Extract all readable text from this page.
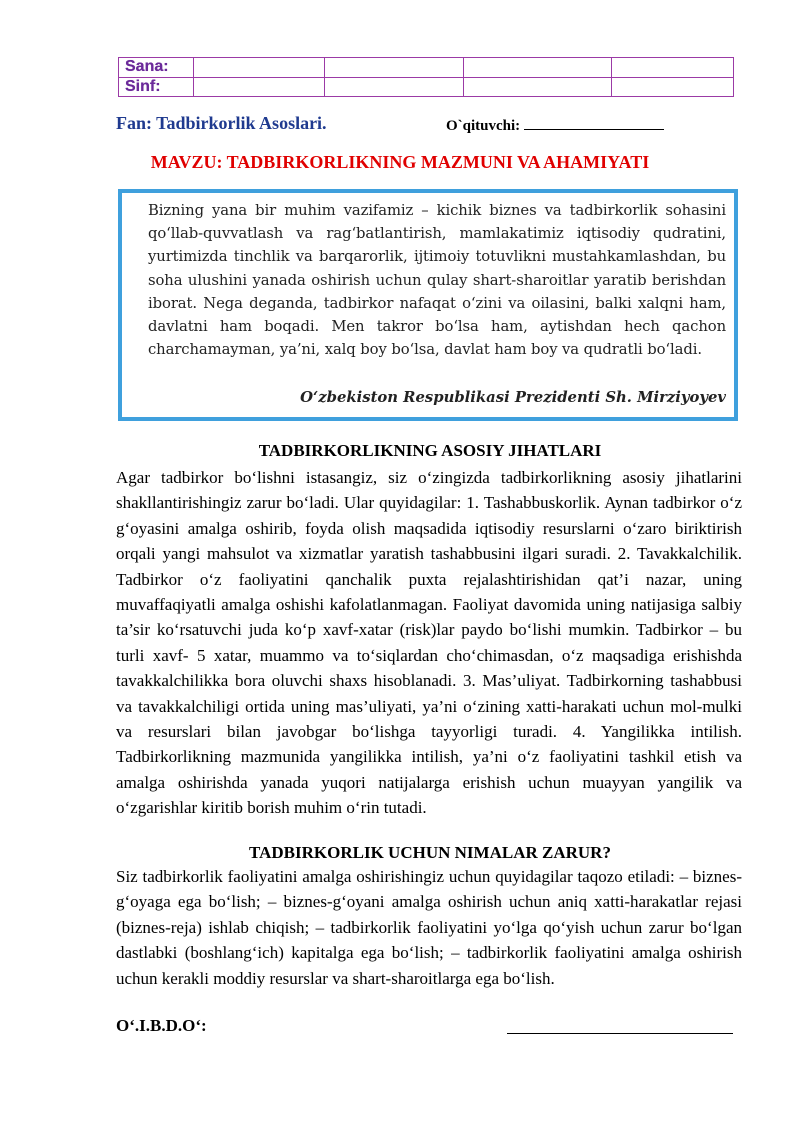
Sana:				
Sinf:				
Fan: Tadbirkorlik Asoslari.	O`qituvchi:
MAVZU: TADBIRKORLIKNING MAZMUNI VA AHAMIYATI
Bizning yana bir muhim vazifamiz – kichik biznes va tadbirkorlik sohasini qo‘llab-quvvatlash va rag‘batlantirish, mamlakatimiz iqtisodiy qudratini, yurtimizda tinchlik va barqarorlik, ijtimoiy totuvlikni mustahkamlashdan, bu soha ulushini yanada oshirish uchun qulay shart-sharoitlar yaratib berishdan iborat. Nega deganda, tadbirkor nafaqat o‘zini va oilasini, balki xalqni ham, davlatni ham boqadi. Men takror bo‘lsa ham, aytishdan hech qachon charchamayman, ya’ni, xalq boy bo‘lsa, davlat ham boy va qudratli bo‘ladi.
O‘zbekiston Respublikasi Prezidenti Sh. Mirziyoyev
TADBIRKORLIKNING ASOSIY JIHATLARI
Agar tadbirkor bo‘lishni istasangiz, siz o‘zingizda tadbirkorlikning asosiy jihatlarini shakllantirishingiz zarur bo‘ladi. Ular quyidagilar: 1. Tashabbuskorlik. Aynan tadbirkor o‘z g‘oyasini amalga oshirib, foyda olish maqsadida iqtisodiy resurslarni o‘zaro biriktirish orqali yangi mahsulot va xizmatlar yaratish tashabbusini ilgari suradi. 2. Tavakkalchilik. Tadbirkor o‘z faoliyatini qanchalik puxta rejalashtirishidan qat’i nazar, uning muvaffaqiyatli amalga oshishi kafolatlanmagan. Faoliyat davomida uning natijasiga salbiy ta’sir ko‘rsatuvchi juda ko‘p xavf-xatar (risk)lar paydo bo‘lishi mumkin. Tadbirkor – bu turli xavf- 5 xatar, muammo va to‘siqlardan cho‘chimasdan, o‘z maqsadiga erishishda tavakkalchilikka bora oluvchi shaxs hisoblanadi. 3. Mas’uliyat. Tadbirkorning tashabbusi va tavakkalchiligi ortida uning mas’uliyati, ya’ni o‘zining xatti-harakati uchun mol-mulki va resurslari bilan javobgar bo‘lishga tayyorligi turadi. 4. Yangilikka intilish. Tadbirkorlikning mazmunida yangilikka intilish, ya’ni o‘z faoliyatini tashkil etish va amalga oshirishda yanada yuqori natijalarga erishish uchun muayyan yangilik va o‘zgarishlar kiritib borish muhim o‘rin tutadi.
TADBIRKORLIK UCHUN NIMALAR ZARUR?
Siz tadbirkorlik faoliyatini amalga oshirishingiz uchun quyidagilar taqozo etiladi: – biznes-g‘oyaga ega bo‘lish; – biznes-g‘oyani amalga oshirish uchun aniq xatti-harakatlar rejasi (biznes-reja) ishlab chiqish; – tadbirkorlik faoliyatini yo‘lga qo‘yish uchun zarur bo‘lgan dastlabki (boshlang‘ich) kapitalga ega bo‘lish; – tadbirkorlik faoliyatini amalga oshirish uchun kerakli moddiy resurslar va shart-sharoitlarga ega bo‘lish.
O‘.I.B.D.O‘:
